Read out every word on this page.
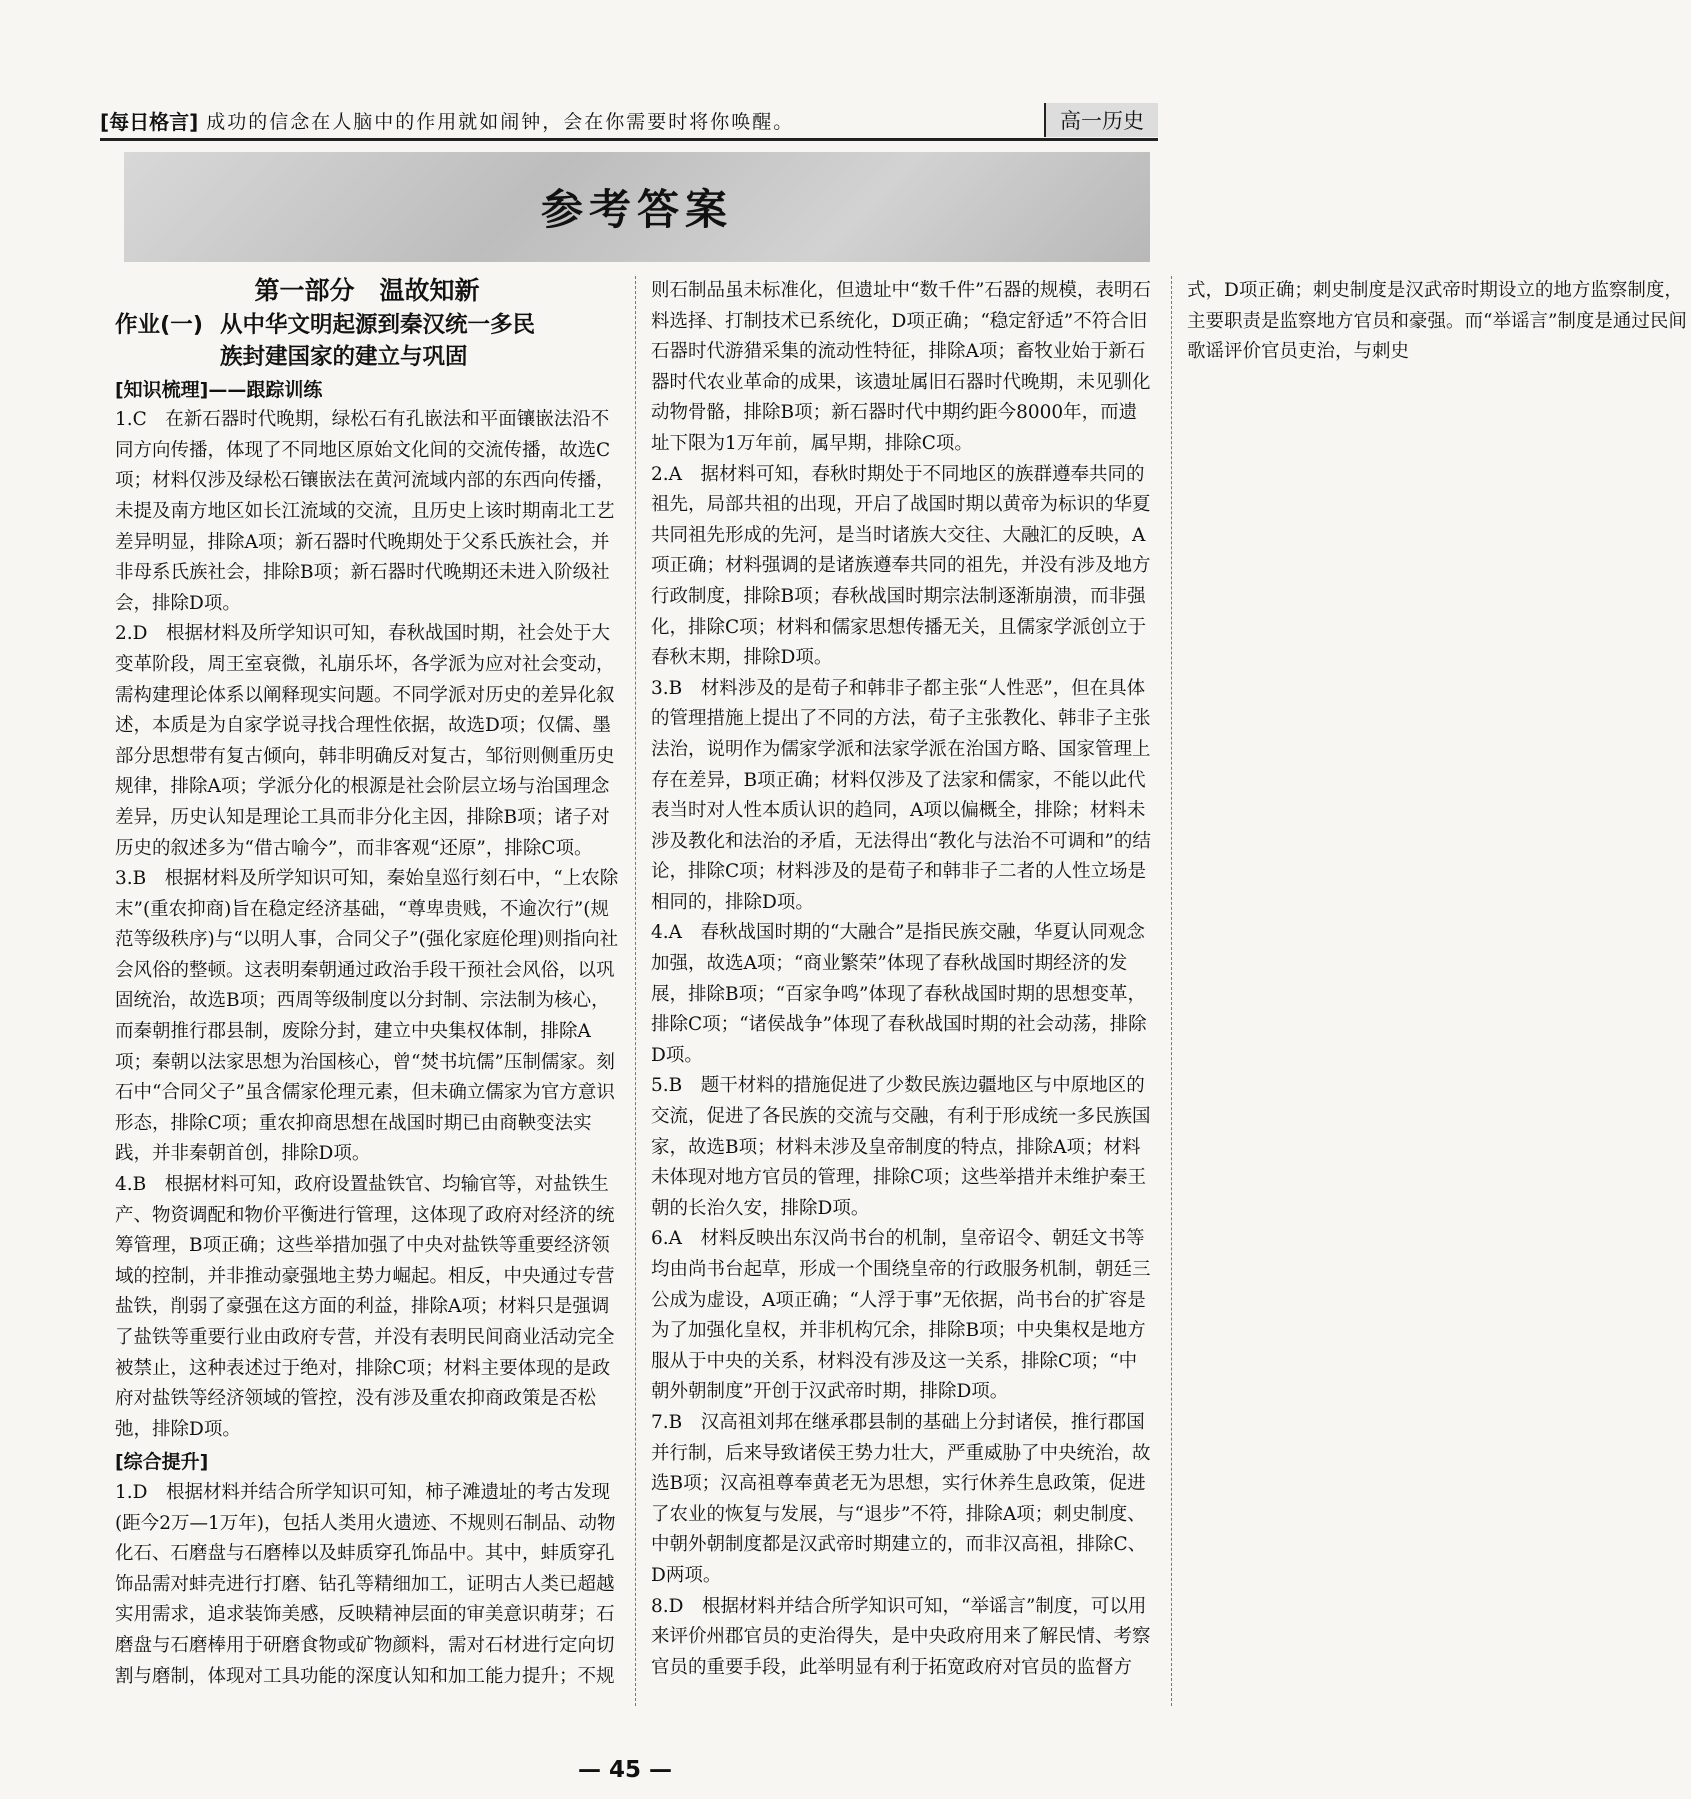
[每日格言] 成功的信念在人脑中的作用就如闹钟，会在你需要时将你唤醒。	高一历史
参考答案
第一部分　温故知新
作业(一) 从中华文明起源到秦汉统一多民
族封建国家的建立与巩固
[知识梳理]——跟踪训练

1.C　在新石器时代晚期，绿松石有孔嵌法和平面镶嵌法沿不同方向传播，体现了不同地区原始文化间的交流传播，故选C项；材料仅涉及绿松石镶嵌法在黄河流域内部的东西向传播，未提及南方地区如长江流域的交流，且历史上该时期南北工艺差异明显，排除A项；新石器时代晚期处于父系氏族社会，并非母系氏族社会，排除B项；新石器时代晚期还未进入阶级社会，排除D项。

2.D　根据材料及所学知识可知，春秋战国时期，社会处于大变革阶段，周王室衰微，礼崩乐坏，各学派为应对社会变动，需构建理论体系以阐释现实问题。不同学派对历史的差异化叙述，本质是为自家学说寻找合理性依据，故选D项；仅儒、墨部分思想带有复古倾向，韩非明确反对复古，邹衍则侧重历史规律，排除A项；学派分化的根源是社会阶层立场与治国理念差异，历史认知是理论工具而非分化主因，排除B项；诸子对历史的叙述多为“借古喻今”，而非客观“还原”，排除C项。

3.B　根据材料及所学知识可知，秦始皇巡行刻石中，“上农除末”(重农抑商)旨在稳定经济基础，“尊卑贵贱，不逾次行”(规范等级秩序)与“以明人事，合同父子”(强化家庭伦理)则指向社会风俗的整顿。这表明秦朝通过政治手段干预社会风俗，以巩固统治，故选B项；西周等级制度以分封制、宗法制为核心，而秦朝推行郡县制，废除分封，建立中央集权体制，排除A项；秦朝以法家思想为治国核心，曾“焚书坑儒”压制儒家。刻石中“合同父子”虽含儒家伦理元素，但未确立儒家为官方意识形态，排除C项；重农抑商思想在战国时期已由商鞅变法实践，并非秦朝首创，排除D项。

4.B　根据材料可知，政府设置盐铁官、均输官等，对盐铁生产、物资调配和物价平衡进行管理，这体现了政府对经济的统筹管理，B项正确；这些举措加强了中央对盐铁等重要经济领域的控制，并非推动豪强地主势力崛起。相反，中央通过专营盐铁，削弱了豪强在这方面的利益，排除A项；材料只是强调了盐铁等重要行业由政府专营，并没有表明民间商业活动完全被禁止，这种表述过于绝对，排除C项；材料主要体现的是政府对盐铁等经济领域的管控，没有涉及重农抑商政策是否松弛，排除D项。

[综合提升]

1.D　根据材料并结合所学知识可知，柿子滩遗址的考古发现(距今2万—1万年)，包括人类用火遗迹、不规则石制品、动物化石、石磨盘与石磨棒以及蚌质穿孔饰品中。其中，蚌质穿孔饰品需对蚌壳进行打磨、钻孔等精细加工，证明古人类已超越实用需求，追求装饰美感，反映精神层面的审美意识萌芽；石磨盘与石磨棒用于研磨食物或矿物颜料，需对石材进行定向切割与磨制，体现对工具功能的深度认知和加工能力提升；不规则石制品虽未标准化，但遗址中“数千件”石器的规模，表明石料选择、打制技术已系统化，D项正确；“稳定舒适”不符合旧石器时代游猎采集的流动性特征，排除A项；畜牧业始于新石器时代农业革命的成果，该遗址属旧石器时代晚期，未见驯化动物骨骼，排除B项；新石器时代中期约距今8000年，而遗址下限为1万年前，属早期，排除C项。

2.A　据材料可知，春秋时期处于不同地区的族群遵奉共同的祖先，局部共祖的出现，开启了战国时期以黄帝为标识的华夏共同祖先形成的先河，是当时诸族大交往、大融汇的反映，A项正确；材料强调的是诸族遵奉共同的祖先，并没有涉及地方行政制度，排除B项；春秋战国时期宗法制逐渐崩溃，而非强化，排除C项；材料和儒家思想传播无关，且儒家学派创立于春秋末期，排除D项。

3.B　材料涉及的是荀子和韩非子都主张“人性恶”，但在具体的管理措施上提出了不同的方法，荀子主张教化、韩非子主张法治，说明作为儒家学派和法家学派在治国方略、国家管理上存在差异，B项正确；材料仅涉及了法家和儒家，不能以此代表当时对人性本质认识的趋同，A项以偏概全，排除；材料未涉及教化和法治的矛盾，无法得出“教化与法治不可调和”的结论，排除C项；材料涉及的是荀子和韩非子二者的人性立场是相同的，排除D项。

4.A　春秋战国时期的“大融合”是指民族交融，华夏认同观念加强，故选A项；“商业繁荣”体现了春秋战国时期经济的发展，排除B项；“百家争鸣”体现了春秋战国时期的思想变革，排除C项；“诸侯战争”体现了春秋战国时期的社会动荡，排除D项。

5.B　题干材料的措施促进了少数民族边疆地区与中原地区的交流，促进了各民族的交流与交融，有利于形成统一多民族国家，故选B项；材料未涉及皇帝制度的特点，排除A项；材料未体现对地方官员的管理，排除C项；这些举措并未维护秦王朝的长治久安，排除D项。

6.A　材料反映出东汉尚书台的机制，皇帝诏令、朝廷文书等均由尚书台起草，形成一个围绕皇帝的行政服务机制，朝廷三公成为虚设，A项正确；“人浮于事”无依据，尚书台的扩容是为了加强化皇权，并非机构冗余，排除B项；中央集权是地方服从于中央的关系，材料没有涉及这一关系，排除C项；“中朝外朝制度”开创于汉武帝时期，排除D项。

7.B　汉高祖刘邦在继承郡县制的基础上分封诸侯，推行郡国并行制，后来导致诸侯王势力壮大，严重威胁了中央统治，故选B项；汉高祖尊奉黄老无为思想，实行休养生息政策，促进了农业的恢复与发展，与“退步”不符，排除A项；刺史制度、中朝外朝制度都是汉武帝时期建立的，而非汉高祖，排除C、D两项。

8.D　根据材料并结合所学知识可知，“举谣言”制度，可以用来评价州郡官员的吏治得失，是中央政府用来了解民情、考察官员的重要手段，此举明显有利于拓宽政府对官员的监督方式，D项正确；刺史制度是汉武帝时期设立的地方监察制度，主要职责是监察地方官员和豪强。而“举谣言”制度是通过民间歌谣评价官员吏治，与刺史

— 45 —
